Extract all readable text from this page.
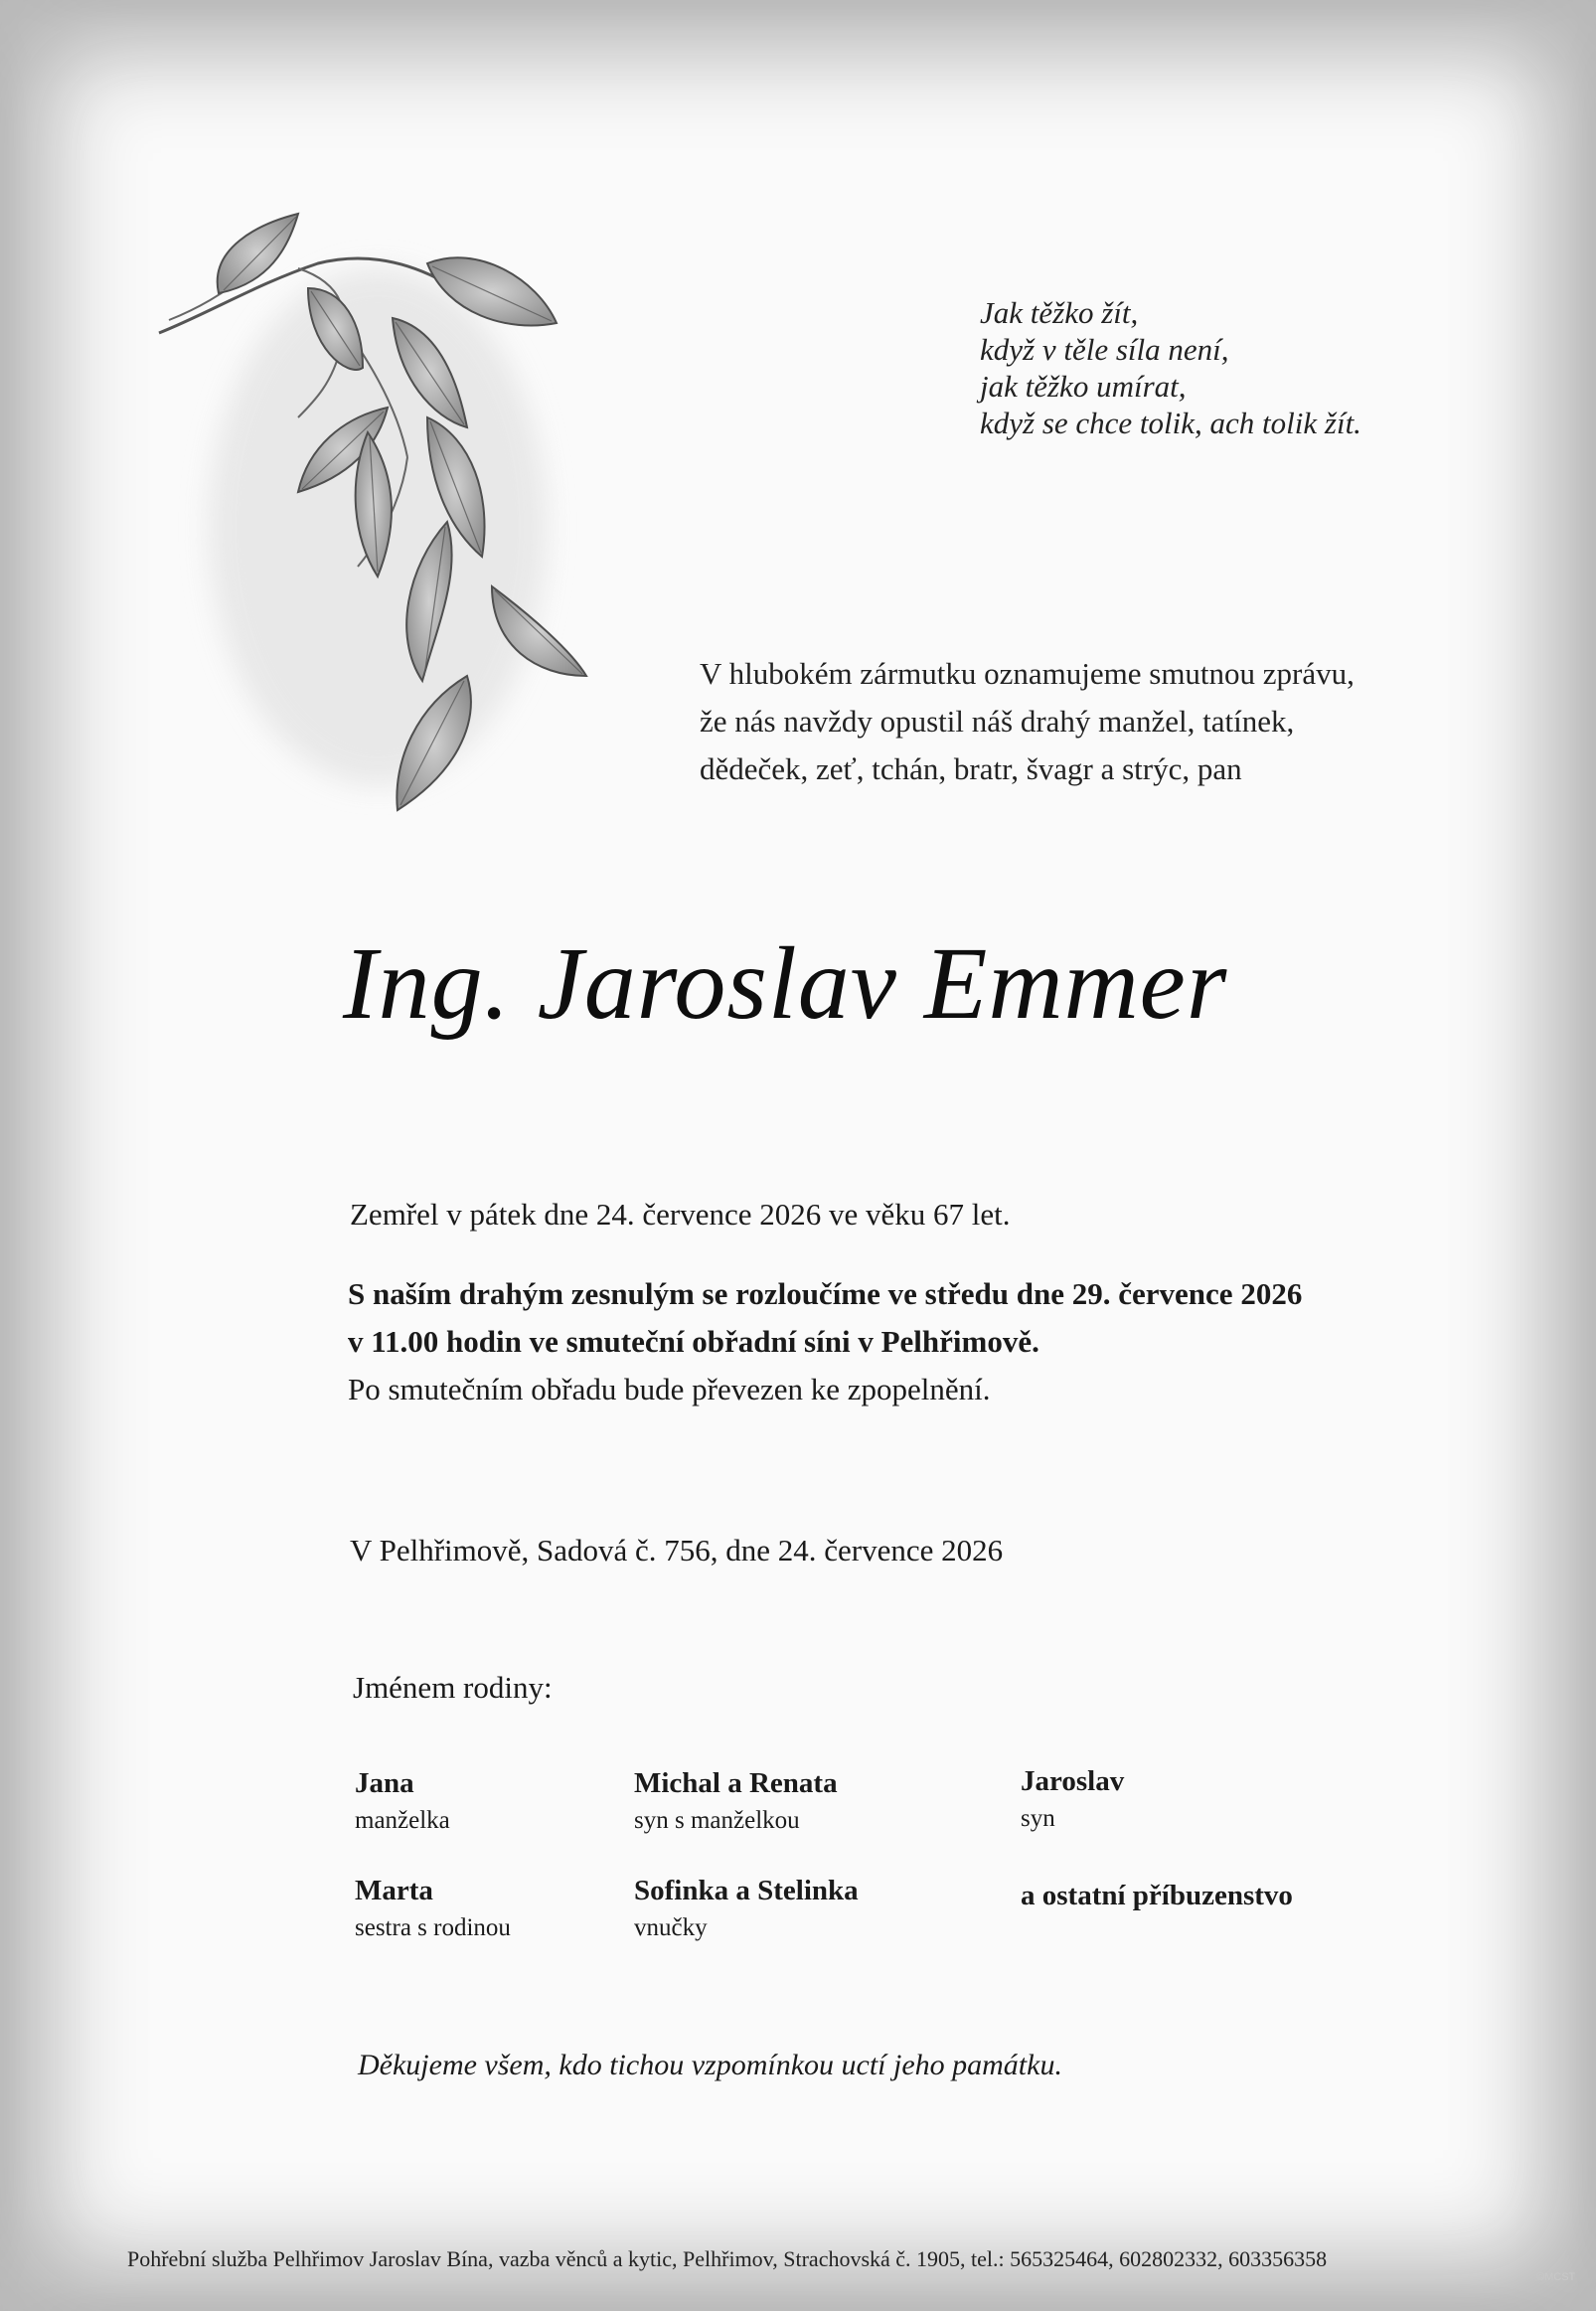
Jak těžko žít,
když v těle síla není,
jak těžko umírat,
když se chce tolik, ach tolik žít.
V hlubokém zármutku oznamujeme smutnou zprávu,
že nás navždy opustil náš drahý manžel, tatínek,
dědeček, zeť, tchán, bratr, švagr a strýc, pan
Ing. Jaroslav Emmer
Zemřel v pátek dne 24. července 2026 ve věku 67 let.
S naším drahým zesnulým se rozloučíme ve středu dne 29. července 2026
v 11.00 hodin ve smuteční obřadní síni v Pelhřimově.
Po smutečním obřadu bude převezen ke zpopelnění.
V Pelhřimově, Sadová č. 756, dne 24. července 2026
Jménem rodiny:
Jana
manželka
Michal a Renata
syn s manželkou
Jaroslav
syn
Marta
sestra s rodinou
Sofinka a Stelinka
vnučky
a ostatní příbuzenstvo
Děkujeme všem, kdo tichou vzpomínkou uctí jeho památku.
Pohřební služba Pelhřimov Jaroslav Bína, vazba věnců a kytic, Pelhřimov, Strachovská č. 1905, tel.: 565325464, 602802332, 603356358
©MCST
